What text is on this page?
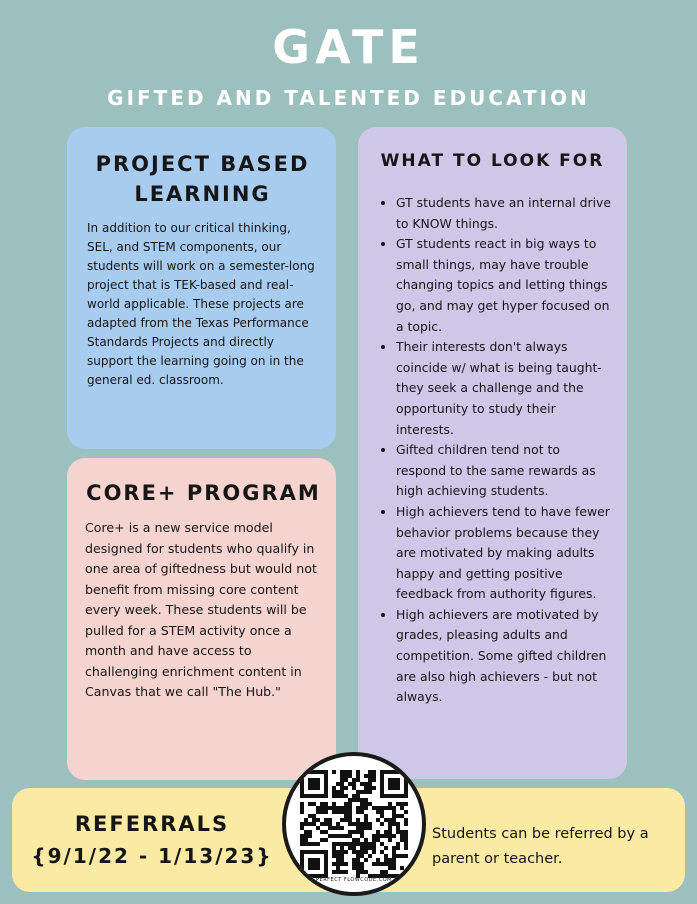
GATE
GIFTED AND TALENTED EDUCATION
PROJECT BASED LEARNING

In addition to our critical thinking, SEL, and STEM components, our students will work on a semester-long project that is TEK-based and real-world applicable. These projects are adapted from the Texas Performance Standards Projects and directly support the learning going on in the general ed. classroom.

CORE+ PROGRAM

Core+ is a new service model designed for students who qualify in one area of giftedness but would not benefit from missing core content every week. These students will be pulled for a STEM activity once a month and have access to challenging enrichment content in Canvas that we call "The Hub."

WHAT TO LOOK FOR
• GT students have an internal drive to KNOW things.
• GT students react in big ways to small things, may have trouble changing topics and letting things go, and may get hyper focused on a topic.
• Their interests don't always coincide w/ what is being taught- they seek a challenge and the opportunity to study their interests.
• Gifted children tend not to respond to the same rewards as high achieving students.
• High achievers tend to have fewer behavior problems because they are motivated by making adults happy and getting positive feedback from authority figures.
• High achievers are motivated by grades, pleasing adults and competition. Some gifted children are also high achievers - but not always.
REFERRALS
{9/1/22 - 1/13/23}
Students can be referred by a parent or teacher.
PERFECT FLOWCODE.COM
